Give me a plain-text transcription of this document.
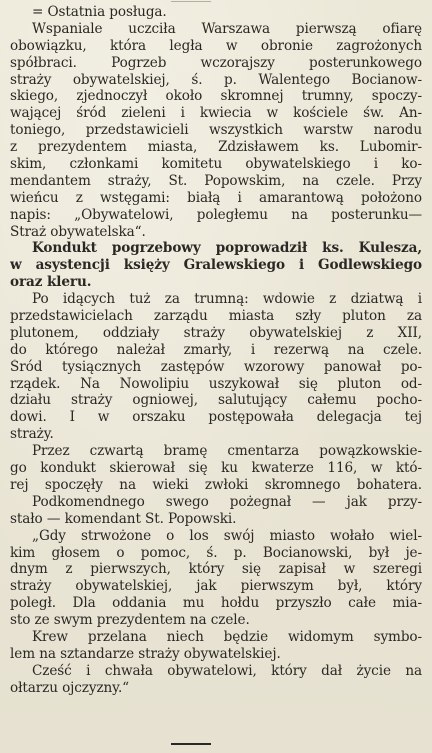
= Ostatnia posługa.
Wspaniale uczciła Warszawa pierwszą ofiarę
obowiązku, która legła w obronie zagrożonych
spółbraci. Pogrzeb wczorajszy posterunkowego
straży obywatelskiej, ś. p. Walentego Bocianow-
skiego, zjednoczył około skromnej trumny, spoczy-
wającej śród zieleni i kwiecia w kościele św. An-
toniego, przedstawicieli wszystkich warstw narodu
z prezydentem miasta, Zdzisławem ks. Lubomir-
skim, członkami komitetu obywatelskiego i ko-
mendantem straży, St. Popowskim, na czele. Przy
wieńcu z wstęgami: białą i amarantową położono
napis: „Obywatelowi, poległemu na posterunku—
Straż obywatelska“.
Kondukt pogrzebowy poprowadził ks. Kulesza,
w asystencji księży Gralewskiego i Godlewskiego
oraz kleru.
Po idących tuż za trumną: wdowie z dziatwą i
przedstawicielach zarządu miasta szły pluton za
plutonem, oddziały straży obywatelskiej z XII,
do którego należał zmarły, i rezerwą na czele.
Śród tysiącznych zastępów wzorowy panował po-
rządek. Na Nowolipiu uszykował się pluton od-
działu straży ogniowej, salutujący całemu pocho-
dowi. I w orszaku postępowała delegacja tej
straży.
Przez czwartą bramę cmentarza powązkowskie-
go kondukt skierował się ku kwaterze 116, w któ-
rej spoczęły na wieki zwłoki skromnego bohatera.
Podkomendnego swego pożegnał — jak przy-
stało — komendant St. Popowski.
„Gdy strwożone o los swój miasto wołało wiel-
kim głosem o pomoc, ś. p. Bocianowski, był je-
dnym z pierwszych, który się zapisał w szeregi
straży obywatelskiej, jak pierwszym był, który
poległ. Dla oddania mu hołdu przyszło całe mia-
sto ze swym prezydentem na czele.
Krew przelana niech będzie widomym symbo-
lem na sztandarze straży obywatelskiej.
Cześć i chwała obywatelowi, który dał życie na
ołtarzu ojczyzny.“
